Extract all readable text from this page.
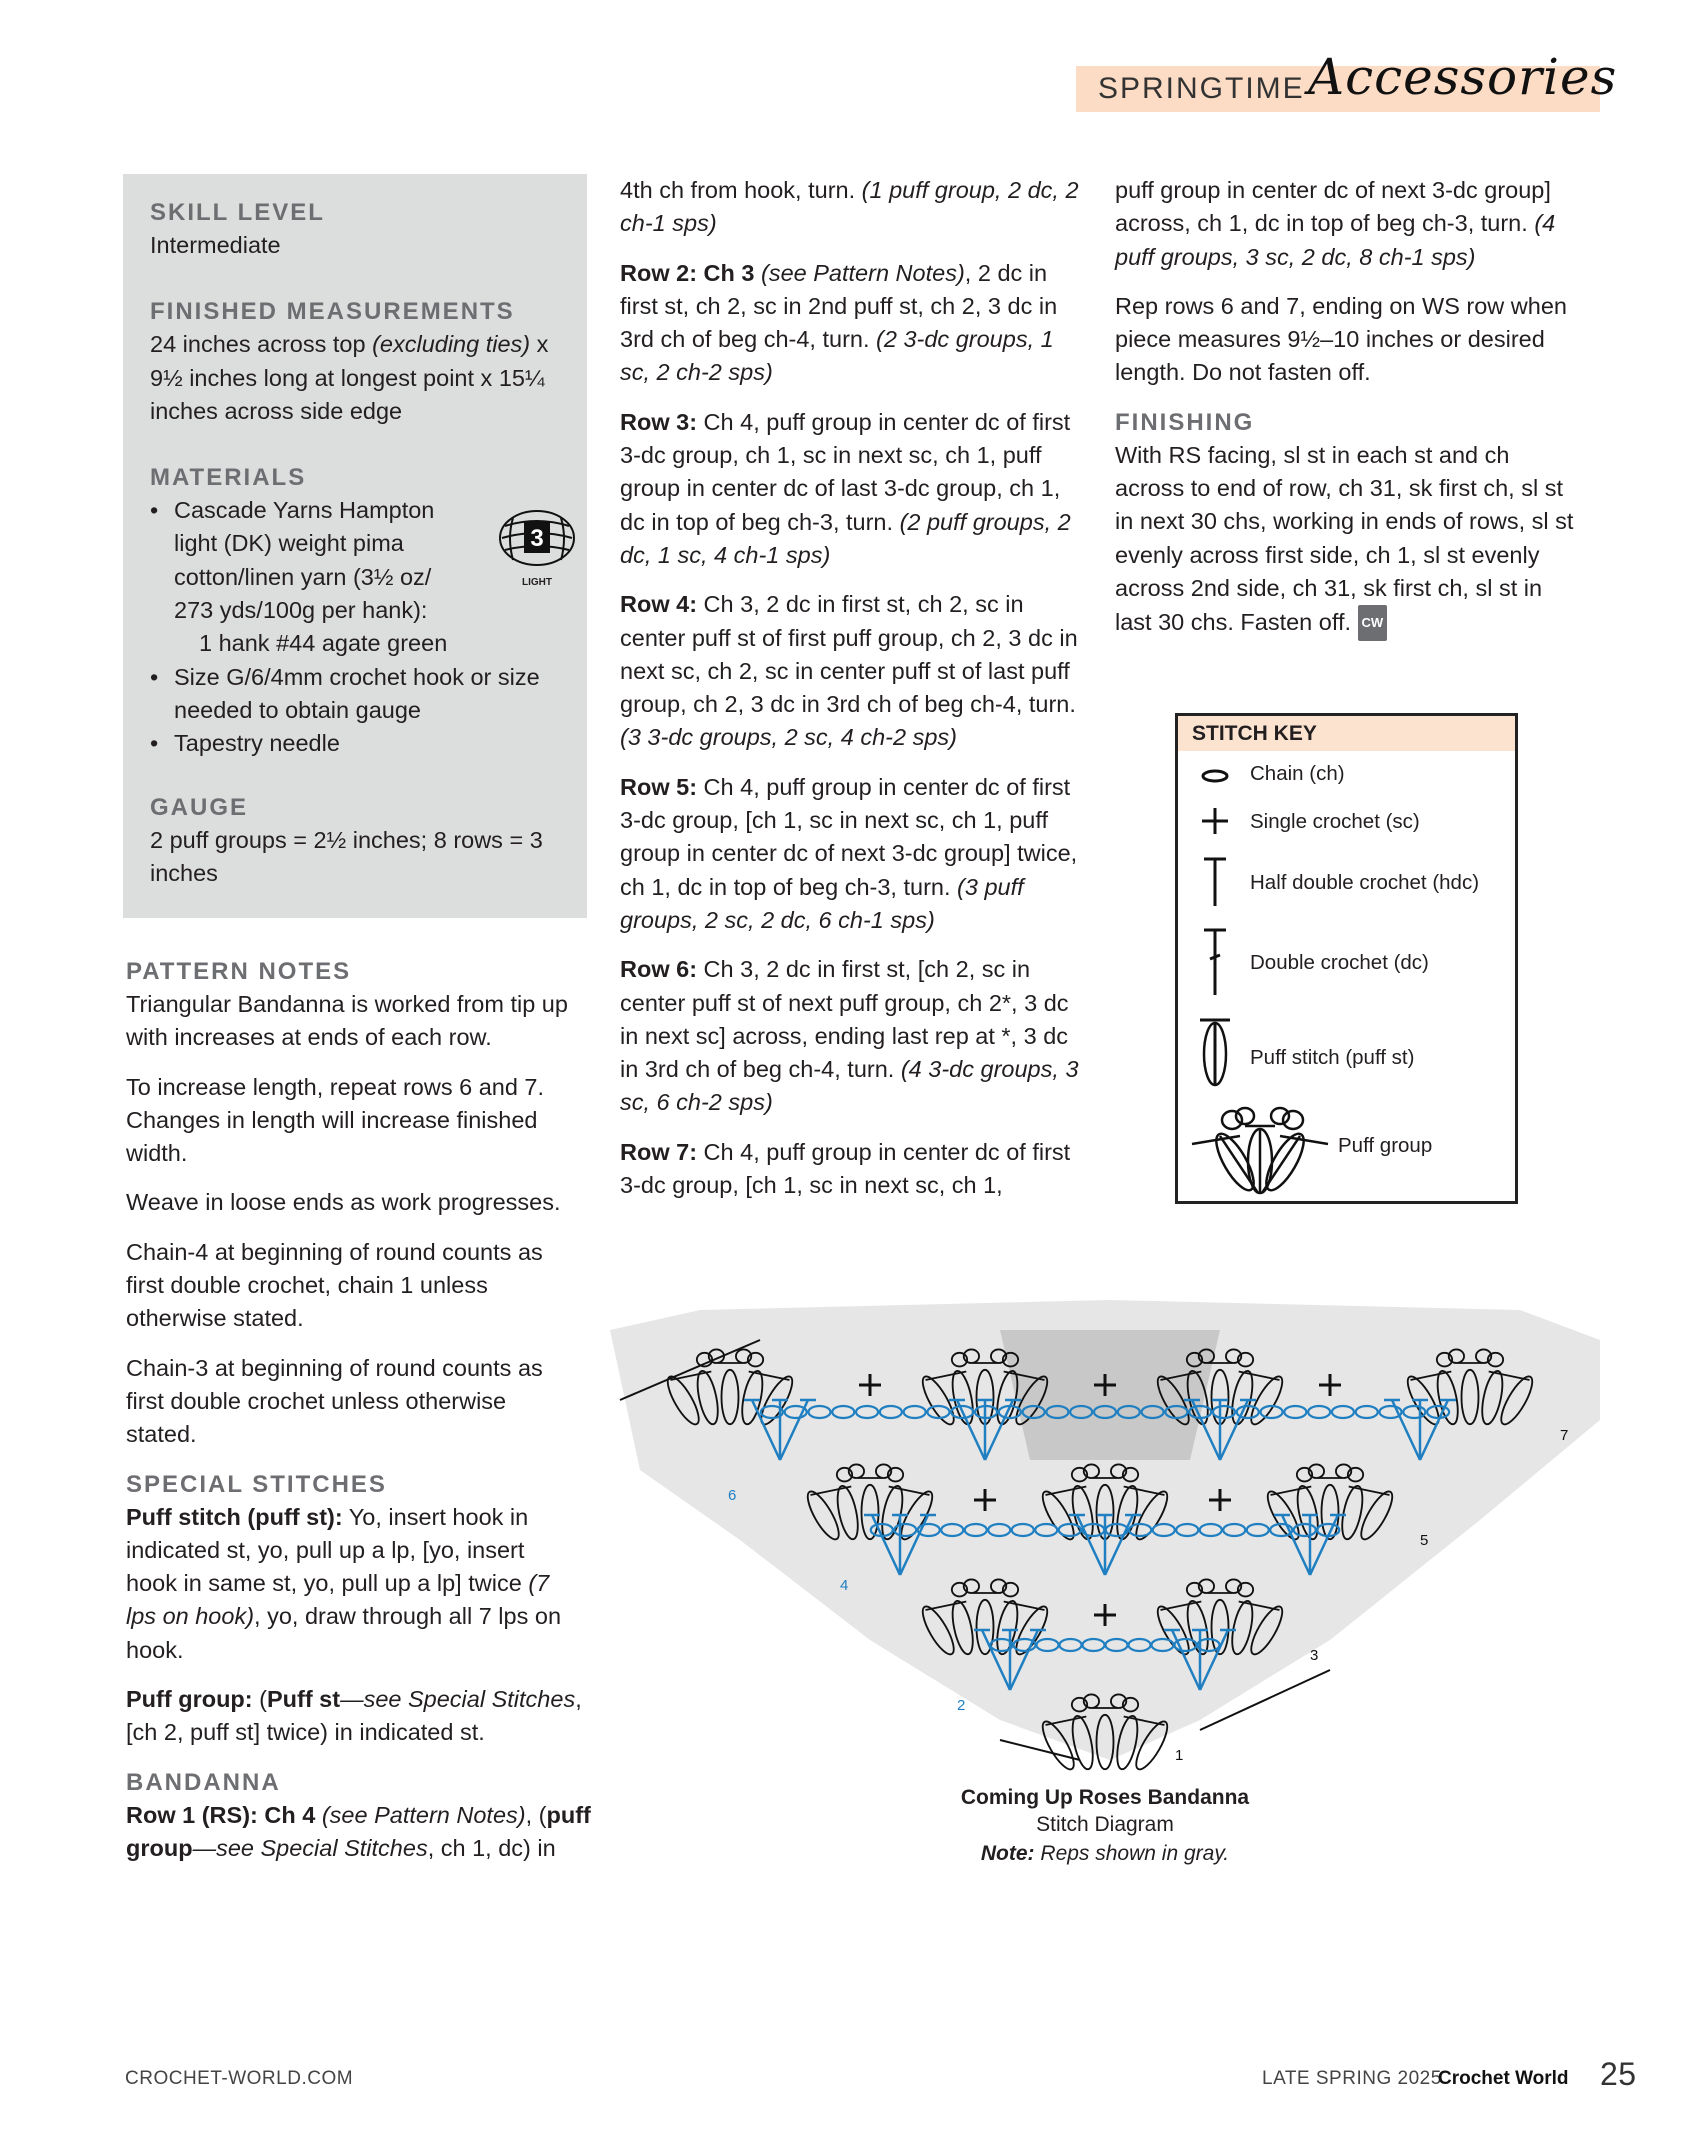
SPRINGTIME Accessories
SKILL LEVEL

Intermediate

FINISHED MEASUREMENTS

24 inches across top (excluding ties) x 9½ inches long at longest point x 15¼ inches across side edge

MATERIALS
• Cascade Yarns Hampton light (DK) weight pima cotton/linen yarn (3½ oz/ 273 yds/100g per hank):
1 hank #44 agate green
• Size G/6/4mm crochet hook or size needed to obtain gauge
• Tapestry needle
3
LIGHT
GAUGE

2 puff groups = 2½ inches; 8 rows = 3 inches

PATTERN NOTES

Triangular Bandanna is worked from tip up with increases at ends of each row.

To increase length, repeat rows 6 and 7. Changes in length will increase finished width.

Weave in loose ends as work progresses.

Chain-4 at beginning of round counts as first double crochet, chain 1 unless otherwise stated.

Chain-3 at beginning of round counts as first double crochet unless otherwise stated.

SPECIAL STITCHES

Puff stitch (puff st): Yo, insert hook in indicated st, yo, pull up a lp, [yo, insert hook in same st, yo, pull up a lp] twice (7 lps on hook), yo, draw through all 7 lps on hook.

Puff group: (Puff st—see Special Stitches, [ch 2, puff st] twice) in indicated st.

BANDANNA

Row 1 (RS): Ch 4 (see Pattern Notes), (puff group—see Special Stitches, ch 1, dc) in

4th ch from hook, turn. (1 puff group, 2 dc, 2 ch-1 sps)

Row 2: Ch 3 (see Pattern Notes), 2 dc in first st, ch 2, sc in 2nd puff st, ch 2, 3 dc in 3rd ch of beg ch-4, turn. (2 3-dc groups, 1 sc, 2 ch-2 sps)

Row 3: Ch 4, puff group in center dc of first 3-dc group, ch 1, sc in next sc, ch 1, puff group in center dc of last 3-dc group, ch 1, dc in top of beg ch-3, turn. (2 puff groups, 2 dc, 1 sc, 4 ch-1 sps)

Row 4: Ch 3, 2 dc in first st, ch 2, sc in center puff st of first puff group, ch 2, 3 dc in next sc, ch 2, sc in center puff st of last puff group, ch 2, 3 dc in 3rd ch of beg ch-4, turn. (3 3-dc groups, 2 sc, 4 ch-2 sps)

Row 5: Ch 4, puff group in center dc of first 3-dc group, [ch 1, sc in next sc, ch 1, puff group in center dc of next 3-dc group] twice, ch 1, dc in top of beg ch-3, turn. (3 puff groups, 2 sc, 2 dc, 6 ch-1 sps)

Row 6: Ch 3, 2 dc in first st, [ch 2, sc in center puff st of next puff group, ch 2*, 3 dc in next sc] across, ending last rep at *, 3 dc in 3rd ch of beg ch-4, turn. (4 3-dc groups, 3 sc, 6 ch-2 sps)

Row 7: Ch 4, puff group in center dc of first 3-dc group, [ch 1, sc in next sc, ch 1,

puff group in center dc of next 3-dc group] across, ch 1, dc in top of beg ch-3, turn. (4 puff groups, 3 sc, 2 dc, 8 ch-1 sps)

Rep rows 6 and 7, ending on WS row when piece measures 9½–10 inches or desired length. Do not fasten off.

FINISHING

With RS facing, sl st in each st and ch across to end of row, ch 31, sk first ch, sl st in next 30 chs, working in ends of rows, sl st evenly across first side, ch 1, sl st evenly across 2nd side, ch 31, sk first ch, sl st in last 30 chs. Fasten off. CW

STITCH KEY
Chain (ch)
Single crochet (sc)
Half double crochet (hdc)
Double crochet (dc)
Puff stitch (puff st)
Puff group
1
2
3
4
5
6
7
Coming Up Roses Bandanna
Stitch Diagram
Note: Reps shown in gray.
CROCHET-WORLD.COM	LATE SPRING 2025
Crochet World 25
